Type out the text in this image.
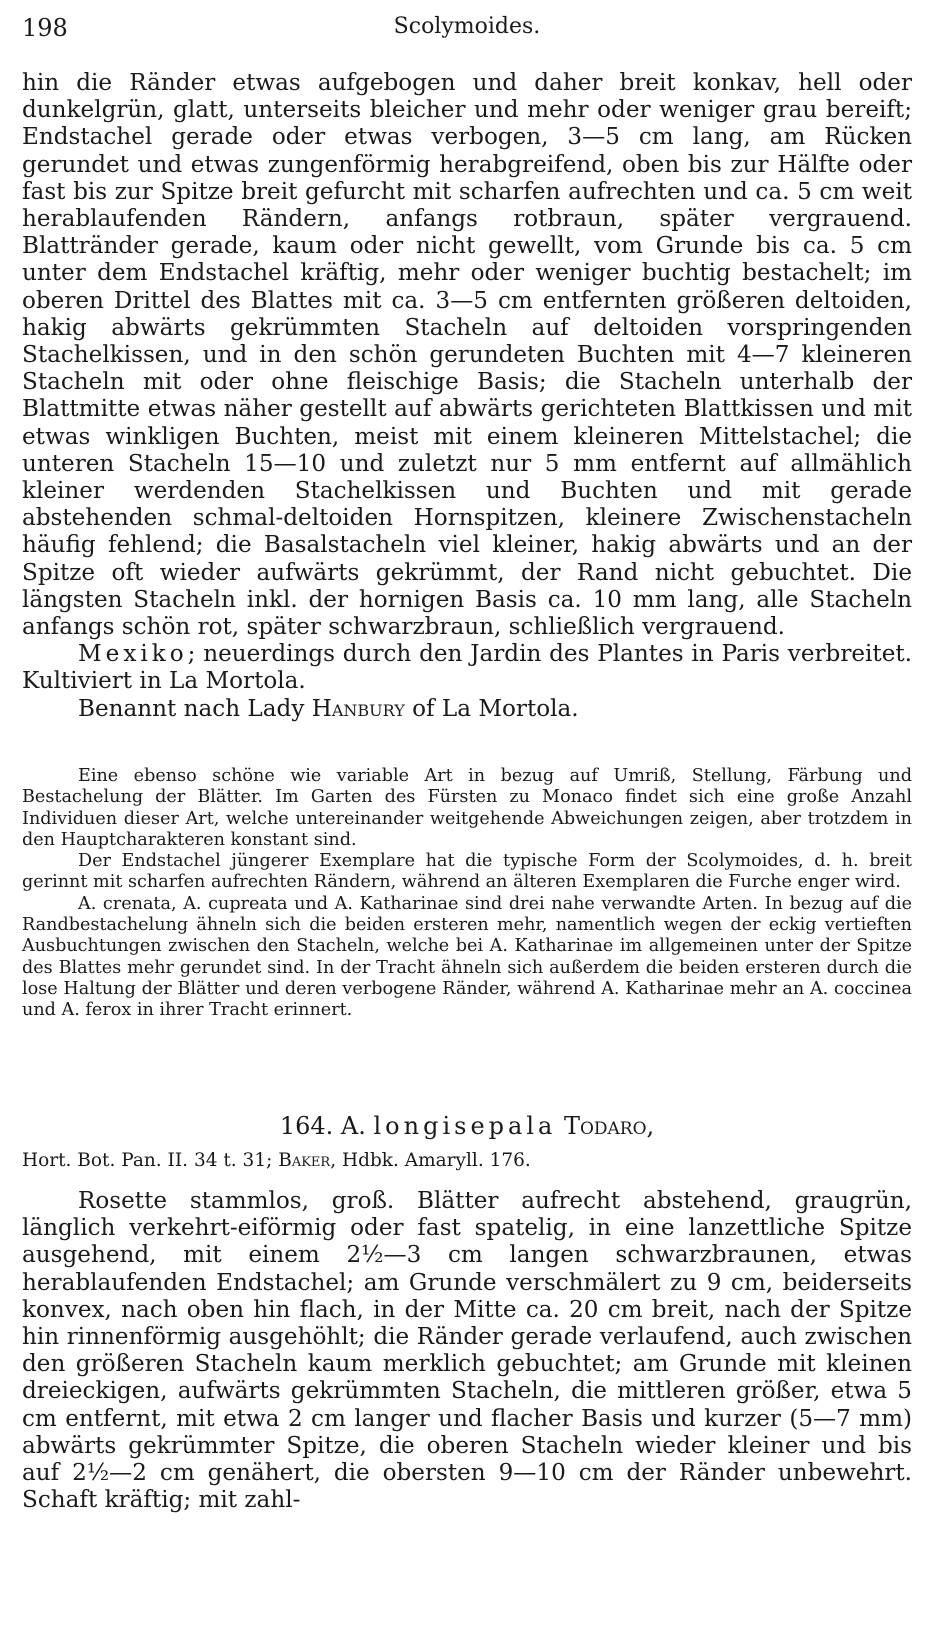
198	Scolymoides.

hin die Ränder etwas aufgebogen und daher breit konkav, hell oder dunkelgrün, glatt, unterseits bleicher und mehr oder weniger grau bereift; Endstachel gerade oder etwas verbogen, 3—5 cm lang, am Rücken gerundet und etwas zungenförmig herabgreifend, oben bis zur Hälfte oder fast bis zur Spitze breit gefurcht mit scharfen aufrechten und ca. 5 cm weit herablaufenden Rändern, anfangs rotbraun, später vergrauend. Blattränder gerade, kaum oder nicht gewellt, vom Grunde bis ca. 5 cm unter dem Endstachel kräftig, mehr oder weniger buchtig bestachelt; im oberen Drittel des Blattes mit ca. 3—5 cm entfernten größeren deltoiden, hakig abwärts gekrümmten Stacheln auf deltoiden vorspringenden Stachelkissen, und in den schön gerundeten Buchten mit 4—7 kleineren Stacheln mit oder ohne fleischige Basis; die Stacheln unterhalb der Blattmitte etwas näher gestellt auf abwärts gerichteten Blattkissen und mit etwas winkligen Buchten, meist mit einem kleineren Mittelstachel; die unteren Stacheln 15—10 und zuletzt nur 5 mm entfernt auf allmählich kleiner werdenden Stachelkissen und Buchten und mit gerade abstehenden schmal-deltoiden Hornspitzen, kleinere Zwischenstacheln häufig fehlend; die Basalstacheln viel kleiner, hakig abwärts und an der Spitze oft wieder aufwärts gekrümmt, der Rand nicht gebuchtet. Die längsten Stacheln inkl. der hornigen Basis ca. 10 mm lang, alle Stacheln anfangs schön rot, später schwarzbraun, schließlich vergrauend.

Mexiko; neuerdings durch den Jardin des Plantes in Paris verbreitet. Kultiviert in La Mortola.

Benannt nach Lady Hanbury of La Mortola.

Eine ebenso schöne wie variable Art in bezug auf Umriß, Stellung, Färbung und Bestachelung der Blätter. Im Garten des Fürsten zu Monaco findet sich eine große Anzahl Individuen dieser Art, welche untereinander weitgehende Abweichungen zeigen, aber trotzdem in den Hauptcharakteren konstant sind.

Der Endstachel jüngerer Exemplare hat die typische Form der Scolymoides, d. h. breit gerinnt mit scharfen aufrechten Rändern, während an älteren Exemplaren die Furche enger wird.

A. crenata, A. cupreata und A. Katharinae sind drei nahe verwandte Arten. In bezug auf die Randbestachelung ähneln sich die beiden ersteren mehr, namentlich wegen der eckig vertieften Ausbuchtungen zwischen den Stacheln, welche bei A. Katharinae im allgemeinen unter der Spitze des Blattes mehr gerundet sind. In der Tracht ähneln sich außerdem die beiden ersteren durch die lose Haltung der Blätter und deren verbogene Ränder, während A. Katharinae mehr an A. coccinea und A. ferox in ihrer Tracht erinnert.

164. A. longisepala Todaro,
Hort. Bot. Pan. II. 34 t. 31; Baker, Hdbk. Amaryll. 176.

Rosette stammlos, groß. Blätter aufrecht abstehend, graugrün, länglich verkehrt-eiförmig oder fast spatelig, in eine lanzettliche Spitze ausgehend, mit einem 2½—3 cm langen schwarzbraunen, etwas herablaufenden Endstachel; am Grunde verschmälert zu 9 cm, beiderseits konvex, nach oben hin flach, in der Mitte ca. 20 cm breit, nach der Spitze hin rinnenförmig ausgehöhlt; die Ränder gerade verlaufend, auch zwischen den größeren Stacheln kaum merklich gebuchtet; am Grunde mit kleinen dreieckigen, aufwärts gekrümmten Stacheln, die mittleren größer, etwa 5 cm entfernt, mit etwa 2 cm langer und flacher Basis und kurzer (5—7 mm) abwärts gekrümmter Spitze, die oberen Stacheln wieder kleiner und bis auf 2½—2 cm genähert, die obersten 9—10 cm der Ränder unbewehrt. Schaft kräftig; mit zahl-
